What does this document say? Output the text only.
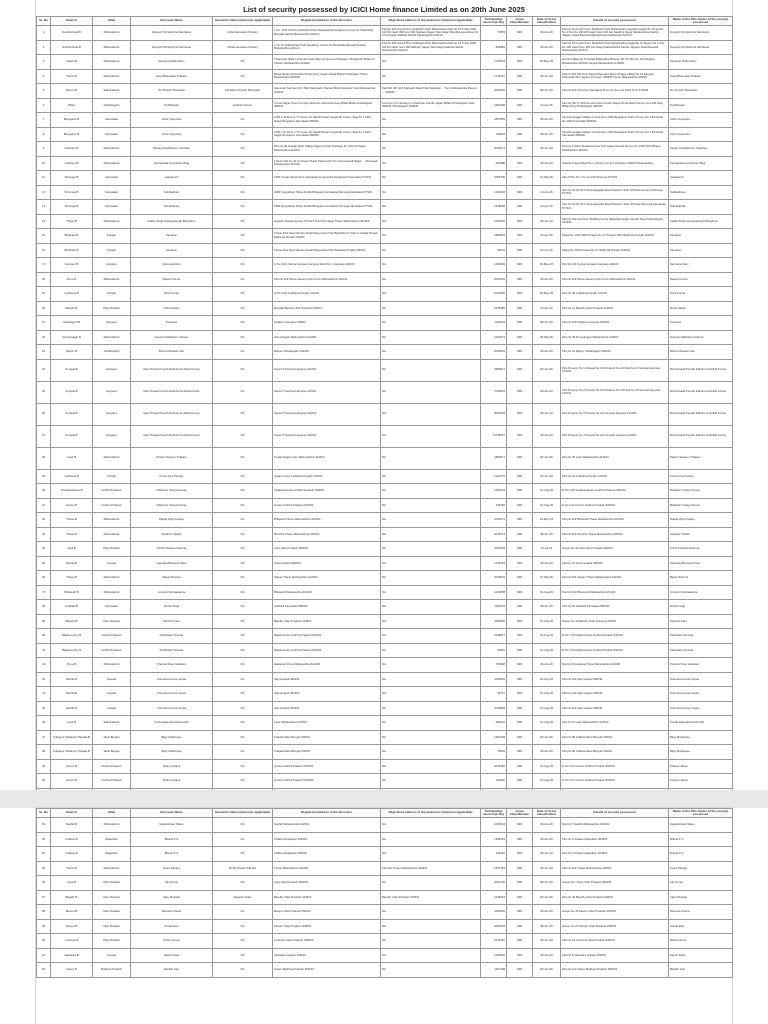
List of security possessed by ICICI Home finance Limited as on 20th June 2025
Sr. No	Branch	State	Borrower Name	Guarantor Name (wherever applicable)	Registered address of the Borrower	Registered address of the Guarantor (wherever applicable)	Outstanding amount (in Rs)	Asset Classification	Date of Asset classification	Details of security possessed	Name of the Title holder of the security possessed
1	Nashik Road B	Maharashtra	Durgesh Shrykrishna Nehrkarte	Vishal Hemaben Pandey	1 No. 16 B Pi Point Siddharth Park Maharashtra Sayakhyo Umrao Nr Shashidka Beewali Nashik Maharashtra 422101	Flat No 302 Sunrill Prior Siddharth Park Maharashtra Flat No 16 5 Site 1966 Adi PG Nash 399 Nom Mill Sakharp Nagar Tala Nagar Randhia Agra Road Nr Umel Nagar Rakhail Nashik Maharashtra 422101	74853	NPA	09-Jun-25	Flat No 16 Fourth Floor Siddharth Park Maharashtra Sayakho Kagar Bo 16 Sector No 4 Site No 196 HPI Hash Nom Mill Jan Haathini Nagar Maharashtra Nashik Jalgaon Road Beewali Maharashtra Khaldanguli 422101	Durgesh Shrykrishna Nehrkarte
2	Nashik Road B	Maharashtra	Durgesh Shrykrishna Nehrkarte	Vishal Hemaben Pandey	1 No 16 Siddharthak Park Sayakhyo Umrao Nr Shashidka Beewali Nashik Maharashtra 422101	Flat No 302 Sunrill Prior Siddharth Park Maharashtra Flat No 16 5 Site 1966 Adi PG Nash Nom Mill Sakharp Nagar Tala Nagar Rakhail Nashik Maharashtra 422101	806883	NPA	09-Jun-25	Flat No 16 Fourth Floor Siddharth Park Maharashtra Kagar Bo 16 Sector No 4 Site No 196 Hash Nom Mill Jan Nagar Maharashtra Nashik Jalgaon Road Beewali Maharashtra 422101	Durgesh Shrykrishna Nehrkarte
3	Satara B	Maharashtra	Sandeep Ahilla Shine	NA	Thasunder Wadi Landmark Near Shiri Compound Chitwapur Tangarh Nr Biwan N Shiwan Maharashtra 415002	NA	1720623	NPA	06-May-25	Gat Non Bldg No 3 Fashak Bitaa Mota Bhanao Sh GS Plot No 332 Moghal Maharashtra 415002 Sangat Maharashtra 415002	Sandeep Ahilla Shine
4	Thane B	Maharashtra	Suraj Bhanudas Thakare	NA	Ravar Rotary Rosa Mand Pasi Vinoy Nagar Kalwa Bhikari Kharigaon Thane Maharashtra 400605	NA	1744547	NPA	09-Jun-25	Flat No 504 5th Floor Alarta Dhamatrs Manvi Phase 2 Bldg No A1 Sangrat Kharvarkhi Rd Yagaon Promoter 400605 Thane Maharashtra 400601	Suraj Bhanudas Thakare
5	Panvel B	Maharashtra	Om Dinesh Shivankar	Kamlaben Dinesh Shivankar	Hanuman Sai Sau 90 2 Shiri Sahayadri Tracurd Mohd National Tuna Maharashtra 410206	Flat 402 Ulb G13 Sahyadri Road Viral Takbanki ... Tunn Maharashtra Panvel ... 410206	2060305	NPA	09-Jun-25	Flat No 202 2nd Floor Sai Ratna B Co-Op Soc Ltd 2201 Tunn 410206	Om Dinesh Shivankar
6	Bhilai	Chhattisgarh	Tej Bahadur	Leghran Kumar	Tunna Nagar Tripe Complex Ward No 49 Kamal Garg Bhilai Bhilai Chhattisgarh 490020	1st Floor 1-3 Housing in Chahvhan Kandhi Nagar Bhilai Chhattisgarh India 490006 Chhattisgarh 490006	1960486	NPA	14-Apr-25	Plot No 397 Fr 460 Ground Floor Kandhi Nagar Rural Ward Survey No 1138 Durg Bhilai Durg Chhattisgarh 490020	Tej Bahadur
7	Bangalore B	Karnataka	Ardur Kupendra	NA	1155 2 Ist Floor 2 Th Cross 1st Nekhiri Road Hosgrodh Colony Stag Fo 1 Meiri Nagar Bangalore Karnataka 560002	NA	1857883	NPA	08-Jun-25	Viruchimanagar Village 3 Govindnen With Bangalore North Survey No 4 83 Katha No 1034 Karnataka 560002	Ardur Kupendra
8	Bangalore B	Karnataka	Ardur Kupendra	NA	1155 2 Ist Floor 2 Th Cross 1st Nekhiri Road Hosgrodh Colony Stag Fo 1 Meiri Nagar Bangalore Karnataka 560002	NA	198019	NPA	08-Jun-25	Viruchimanagar Village 3 Govindnen With Bangalore North Survey No 4 83 Katha Karnataka 560002	Ardur Kupendra
9	Kolhapur B	Maharashtra	Sanjay Nandkishore Chauhan	NA	Plot No 99 Gangal Sukh Village Nagar Kochar Kolhapur Nr Vetta Kolhapur Maharashtra 416001	NA	2065471	NPA	09-Jun-25	Flat No 2 Nilam Residence Nor Ksb Nagar Kanala Survey No 1002 29 Kolhapur Maharashtra 416001	Sanjay Nandkishore Chauhan
10	Kolhapur B	Maharashtra	Kanhaiyalal Govindram Bagi	NA	1 Ross Flat No 21 Coolrwed Prash Padma Plot No 24 Gorkwadi Nagar ... Shimwadi Maharashtra 416003	NA	601888	NPA	09-Jun-25	Shivnal Kolwar Bagi Plot 1 Survey No 421 Kolhapur 416003 Maharashtra	Kanhaiyalal Govindram Bagi
11	Shimoga B	Karnataka	Jagadeesh	NA	1366 Kuvebu Road Post Karnataka Kuruji Ashik Nanjangud Karnataka 577201	NA	1055700	NPA	01-Mar-25	Site P Plot No 1 Sy No 106 Shimoga 577201	Jagadeesh
12	Shimoga B	Karnataka	Subhadhara	NA	1384 Nyayabheri Shiva Kotfari Bhagadu Karnataka Shimoga Karnataka 577201	NA	1262020	NPA	22-Apr-25	Site No 54 AS 52 F Kannadagatta Road Western Side Of Plaza Avenue Shimoga 577201	Subhadhara
13	Shimoga B	Karnataka	Subhadhara	NA	1384 Nyayabheri Shiva Kotfari Bhagadu Karnataka Shimoga Karnataka 577201	NA	1218868	NPA	22-Apr-25	Site No 54 AS 52 F Kannadagatta Road Western Side Of Plaza Shimoga Karnataka 577201	Subhadhara
14	Thane B	Maharashtra	Kaldip Singh Gurdayalsingh Bhinghoor	NA	Ganesh Niwaas Apneer Pd Na 8 Dombivli Nagar Thane Maharashtra 421306	NA	1320846	NPA	09-Jun-25	Flat No 204 2nd Floor Building No A1 Nilkantha Nagar Gandhi Road Chhattisgarh 421306	Kaldip Singh Gurdayalsingh Bhinghoor
15	Bhatinda B	Punjab	Sandeep	NA	Thane Post New Mandur Abdali Regunnand Nar Bathinda Pr Swimor Fadda Punjab Bathinda Punjab 151001	NA	1983863	NPA	22-Apr-25	Khata No 1093 2000 Khasra No 27 Khewat 1921 Bathinda Punjab 151001	Sandeep
16	Bhatinda B	Punjab	Sandeep	NA	Thane Post New Mandur Abdali Regunnand Nar Bathinda Punjab 151001	NA	23021	NPA	22-Apr-25	Khata No 1093 Khasra No 27 Bathinda Punjab 151001	Sandeep
17	Gurgaon B	Haryana	Sarmenja Devi	NA	H No 1131 Sohna Gurgaon Haryana Ward No 1 Haryana 122103	NA	1281681	NPA	06-May-25	Plot No 131 Sohna Gurgaon Haryana 122103	Sarmenja Devi
18	Pune B	Maharashtra	Rajesh Kumar	NA	Flat No 204 Shree Ganesh Apts Pune Maharashtra 411041	NA	2001834	NPA	09-Jun-25	Flat No 204 Shree Ganesh Apts Pune Maharashtra 411041	Rajesh Kumar
19	Ludhiana B	Punjab	Sunil Kumar	NA	H No 1145 Ludhiana Punjab 141001	NA	1041850	NPA	09-May-25	Plot No 45 Ludhiana Punjab 141001	Sunil Kumar
20	Bareilly B	Uttar Pradesh	Mohd Haider	NA	Mohalla Bareilly Uttar Pradesh 243001	NA	1678485	NPA	22-Apr-25	Plot No 12 Bareilly Uttar Pradesh 243001	Mohd Haider
21	Chandigarh B	Haryana	Priyanka	NA	Zirakpur Haryana 140603	NA	1160543	NPA	09-Jun-25	Flat No 203 Zirakpur Haryana 140603	Priyanka
22	Ahmednagar B	Maharashtra	Ganesh Sakharam Chavan	NA	Ahmednagar Maharashtra 414001	NA	1222573	NPA	05-Mar-25	Plot No 78 Ahmednagar Maharashtra 414001	Ganesh Sakharam Chavan
23	Raipur B	Chhattisgarh	Bhumul Ratesh Jain	NA	Raipur Chhattisgarh 492001	NA	2025644	NPA	09-Jun-25	Plot No 15 Raipur Chhattisgarh 492001	Bhumul Ratesh Jain
24	Sonipat B	Haryana	Ravi Prasad Poorah Rabuhu Ambrikal Kumar	NA	Sector 5 Sonipat Haryana 131001	NA	2680017	NPA	09-Jun-25	Plot Property No 1 Khewat No 101 Khatoni No 120 Kila No 24 Sonipat Haryana 131001	Ravi Prasad Poorah Rabuhu Ambrikal Kumar
25	Sonipat B	Haryana	Ravi Prasad Poorah Rabuhu Ambrikal Kumar	NA	Sector 5 Sonipat Haryana 131001	NA	7040824	NPA	09-Jun-25	Plot Property No 2 Khewat No 101 Khatoni No 120 Kila No 25 Sonipat Haryana 131001	Ravi Prasad Poorah Rabuhu Ambrikal Kumar
26	Sonipat B	Haryana	Ravi Prasad Poorah Rabuhu Ambrikal Kumar	NA	Sector 5 Sonipat Haryana 131001	NA	4064893	NPA	09-Jun-25	Plot Property No 3 Khewat No 101 Sonipat Haryana 131001	Ravi Prasad Poorah Rabuhu Ambrikal Kumar
27	Sonipat B	Haryana	Ravi Prasad Poorah Rabuhu Ambrikal Kumar	NA	Sector 5 Sonipat Haryana 131001	NA	14738017	NPA	09-Jun-25	Plot Property No 4 Khewat No 101 Sonipat Haryana 131001	Ravi Prasad Poorah Rabuhu Ambrikal Kumar
28	Latur B	Maharashtra	Pawan Sanjeev Thakare	NA	Tudale Nagar Latur Maharashtra 413512	NA	1893677	NPA	06-Jun-25	Plot No 78 Latur Maharashtra 413512	Pawan Sanjeev Thakare
29	Ludhiana B	Punjab	Preeti Arya Pandey	NA	Jagat Colony Ludhiana Punjab 141001	NA	1321275	NPA	06-Jun-25	Plot No 22 Ludhiana Punjab 141001	Preeti Arya Pandey
30	Vishakapatnam B	Andhra Pradesh	Mahinder Vinaya Kumar	NA	Visakhapatnam Andhra Pradesh 530016	NA	1531678	NPA	01-Aug-25	D No 1-86 Visakhapatnam Andhra Pradesh 530016	Mahinder Vinaya Kumar
31	Guntur B	Andhra Pradesh	Mahinder Vinaya Kumar	NA	Guntur Andhra Pradesh 522001	NA	239768	NPA	01-Aug-25	D No 2-44 Guntur Andhra Pradesh 522001	Mahinder Vinaya Kumar
32	Thane B	Maharashtra	Rajbal Vijay Pandey	NA	Bhiwandi Thane Maharashtra 421302	NA	1044472	NPA	23-May-25	Flat No 102 Bhiwandi Thane Maharashtra 421302	Rajbal Vijay Pandey
33	Thane B	Maharashtra	Sarfaraz Shaikh	NA	Mumbra Thane Maharashtra 400612	NA	1016473	NPA	09-Jun-25	Flat No 304 Mumbra Thane Maharashtra 400612	Sarfaraz Shaikh
34	Agra B	Uttar Pradesh	Archit Chandra Sharma	NA	Agra Uttar Pradesh 282001	NA	1051829	NPA	22-Jul-25	House No 44 Agra Uttar Pradesh 282001	Archit Chandra Sharma
35	Nashik B	Gujarat	Vasudha Bhavesh Patel	NA	Surat Gujarat 395003	NA	1318434	NPA	09-Jun-25	Flat No 12 Surat Gujarat 395003	Vasudha Bhavesh Patel
36	Thane B	Maharashtra	Manoj Sharma	NA	Kalyan Thane Maharashtra 421301	NA	2078034	NPA	07-Mar-25	Flat No 601 Kalyan Thane Maharashtra 421301	Manoj Sharma
37	Bhiwandi B	Maharashtra	Amresh Vishwakarma	NA	Bhiwandi Maharashtra 421302	NA	1019858	NPA	01-Aug-25	Flat No 202 Bhiwandi Maharashtra 421302	Amresh Vishwakarma
38	Hubballi B	Karnataka	Mohan Nagi	NA	Hubballi Karnataka 580020	NA	1102031	NPA	08-Jun-25	Plot No 56 Hubballi Karnataka 580020	Mohan Nagi
39	Bareilly B	Uttar Pradesh	Santosh Kaur	NA	Bareilly Uttar Pradesh 243001	NA	1158060	NPA	01-Aug-25	House No 19 Bareilly Uttar Pradesh 243001	Santosh Kaur
40	Rajahmundry B	Andhra Pradesh	Prabhakar Srinivas	NA	Rajahmundry Andhra Pradesh 533101	NA	1048877	NPA	01-Aug-25	D No 7-25 Rajahmundry Andhra Pradesh 533101	Prabhakar Srinivas
41	Rajahmundry B	Andhra Pradesh	Prabhakar Srinivas	NA	Rajahmundry Andhra Pradesh 533101	NA	99116	NPA	01-Aug-25	D No 7-25 Rajahmundry Andhra Pradesh 533101	Prabhakar Srinivas
42	Pune B	Maharashtra	Pramod Kiran Gaikwad	NA	Hadapsar Pune Maharashtra 411028	NA	735398	NPA	09-Jun-25	Flat No 8 Hadapsar Pune Maharashtra 411028	Pramod Kiran Gaikwad
43	Nashik B	Gujarat	Surendra Kumar Gupta	NA	Vapi Gujarat 396191	NA	1154864	NPA	01-Aug-25	Flat No 104 Vapi Gujarat 396191	Surendra Kumar Gupta
44	Nashik B	Gujarat	Surendra Kumar Gupta	NA	Vapi Gujarat 396191	NA	63747	NPA	01-Aug-25	Flat No 104 Vapi Gujarat 396191	Surendra Kumar Gupta
45	Nashik B	Gujarat	Surendra Kumar Gupta	NA	Vapi Gujarat 396191	NA	1049859	NPA	01-Aug-25	Flat No 104 Vapi Gujarat 396191	Surendra Kumar Gupta
46	Latur B	Maharashtra	Kuntal Rajendra Deshmukh	NA	Latur Maharashtra 413512	NA	986244	NPA	01-Aug-25	Plot No 11 Latur Maharashtra 413512	Kuntal Rajendra Deshmukh
47	Kolhapur Sultanpur Pipaala B	West Bengal	Bijay Mukherjee	NA	Kolkata West Bengal 700001	NA	1306138	NPA	09-Jun-25	Flat No 2B Kolkata West Bengal 700001	Bijay Mukherjee
48	Kolhapur Sultanpur Pipaala B	West Bengal	Bijay Mukherjee	NA	Kolkata West Bengal 700001	NA	78602	NPA	09-Jun-25	Flat No 2B Kolkata West Bengal 700001	Bijay Mukherjee
49	Guntur B	Andhra Pradesh	Prakya Udaya	NA	Guntur Andhra Pradesh 522001	NA	1015185	NPA	01-Aug-25	D No 5-12 Guntur Andhra Pradesh 522001	Prakya Udaya
50	Guntur B	Andhra Pradesh	Prakya Udaya	NA	Guntur Andhra Pradesh 522001	NA	110002	NPA	01-Aug-25	D No 5-12 Guntur Andhra Pradesh 522001	Prakya Udaya

Sr. No	Branch	State	Borrower Name	Guarantor Name (wherever applicable)	Registered address of the Borrower	Registered address of the Guarantor (wherever applicable)	Outstanding amount (in Rs)	Asset Classification	Date of Asset classification	Details of security possessed	Name of the Title holder of the security possessed
52	Nashik B	Maharashtra	Vanjarshwari Nikam	NA	Nashik Maharashtra 422001	NA	1005413	NPA	09-Jun-25	Flat No 5 Nashik Maharashtra 422001	Vanjarshwari Nikam
53	Chaksu B	Rajasthan	Bharat P S	NA	Chaksu Rajasthan 303901	NA	1396061	NPA	09-Jun-25	Plot No 9 Chaksu Rajasthan 303901	Bharat P S
54	Chaksu B	Rajasthan	Bharat P S	NA	Chaksu Rajasthan 303901	NA	144015	NPA	09-Jun-25	Plot No 9 Chaksu Rajasthan 303901	Bharat P S
55	Thane B	Maharashtra	Anant Pandey	Mohd Ghulam Md Arif	Thane Maharashtra 400601	Flat 101 Thane Maharashtra 400601	1457754	NPA	09-Jun-25	Flat No 201 Thane Maharashtra 400601	Anant Pandey
56	Agra B	Uttar Pradesh	Ajit Kumar	NA	Agra Uttar Pradesh 282001	NA	2064125	NPA	09-Jun-25	House No 7 Agra Uttar Pradesh 282001	Ajit Kumar
57	Bareilly B	Uttar Pradesh	Vijay Shankar	Ganesh Yadav	Bareilly Uttar Pradesh 243001	Bareilly Uttar Pradesh 243001	1248016	NPA	09-Jun-25	Plot No 30 Bareilly Uttar Pradesh 243001	Vijay Shankar
58	Meerut B	Uttar Pradesh	Ramesh Chand	NA	Meerut Uttar Pradesh 250001	NA	1180345	NPA	09-Jun-25	House No 16 Meerut Uttar Pradesh 250001	Ramesh Chand
59	Kanpur B	Uttar Pradesh	Sunita Devi	NA	Kanpur Uttar Pradesh 208001	NA	1090224	NPA	09-Jun-25	House No 21 Kanpur Uttar Pradesh 208001	Sunita Devi
60	Lucknow B	Uttar Pradesh	Rahul Verma	NA	Lucknow Uttar Pradesh 226001	NA	1675320	NPA	09-Jun-25	Flat No 3A Lucknow Uttar Pradesh 226001	Rahul Verma
61	Vadodara B	Gujarat	Hitesh Patel	NA	Vadodara Gujarat 390001	NA	1295420	NPA	09-Jun-25	Flat No 8 Vadodara Gujarat 390001	Hitesh Patel
62	Indore B	Madhya Pradesh	Manish Jain	NA	Indore Madhya Pradesh 452001	NA	1401188	NPA	09-Jun-25	Plot No 112 Indore Madhya Pradesh 452001	Manish Jain
